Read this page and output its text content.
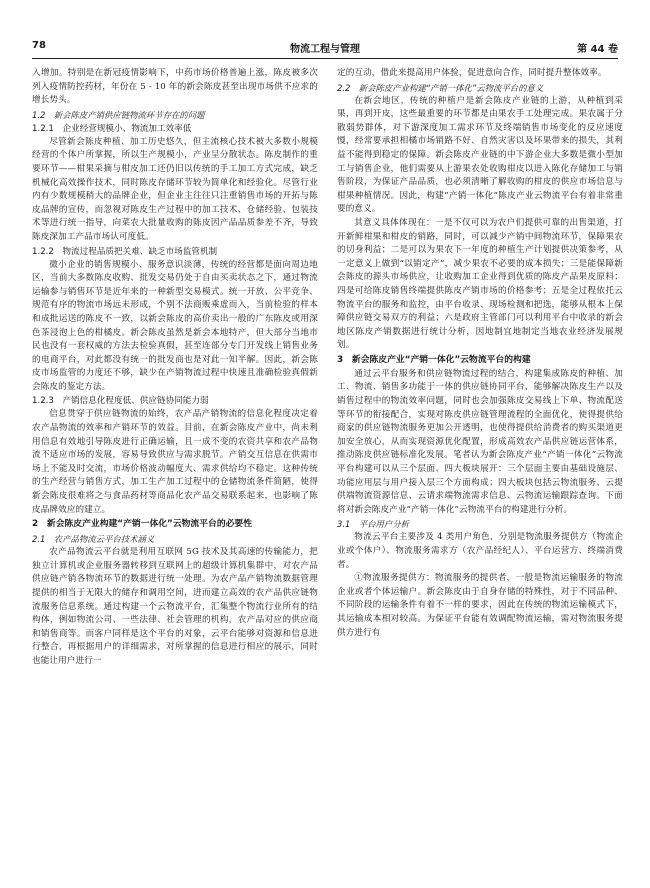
78	物流工程与管理	第 44 卷

入增加。特别是在新冠疫情影响下，中药市场价格普遍上涨，陈皮被多次列入疫情防控药材，年份在 5 - 10 年的新会陈皮甚至出现市场供不应求的增长势头。

1.2　新会陈皮产销供应链物流环节存在的问题
1.2.1　企业经营规模小、物流加工效率低

尽管新会陈皮种植、加工历史悠久，但主流核心技术被大多数小规模经营的个体户所掌握，所以生产规模小，产业呈分散状态。陈皮制作的重要环节——柑果采摘与柑皮加工还仍旧以传统的手工加工方式完成，缺乏机械化高效操作技术，同时陈皮存储环节较为简单化和经验化。尽管行业内有少数规模稍大的品牌企业，但企业主往往只注重销售市场的开拓与陈皮品牌的宣传，而忽视对陈皮生产过程中的加工技术、仓储经验、包装技术等进行统一指导，向菜农大批量收购的陈皮因产品品质参差不齐，导致陈皮深加工产品市场认可度低。

1.2.2　物流过程品质把关难、缺乏市场监管机制

微小企业的销售规模小、服务意识淡薄，传统的经营都是面向周边地区，当前大多数陈皮收购、批发交易仍处于自由买卖状态之下，通过物流运输参与销售环节是近年来的一种新型交易模式。统一开放、公平竞争、规范有序的物流市场远未形成，个别不法商贩乘虚而入，当前检验的样本和成批运送的陈皮不一致，以新会陈皮的高价卖出一般的广东陈皮或用深色茶浸泡上色的柑橘皮。新会陈皮虽然是新会本地特产，但大部分当地市民也没有一套权威的方法去检验真假，甚至连部分专门开发线上销售业务的电商平台，对此都没有统一的批发商也是对此一知半解。因此，新会陈皮市场监管的力度还不够，缺少在产销物流过程中快速且准确检验真假新会陈皮的鉴定方法。

1.2.3　产销信息化程度低、供应链协同能力弱

信息贯穿于供应链物流的始终，农产品产销物流的信息化程度决定着农产品物流的效率和产销环节的效益。目前，在新会陈皮产业中，尚未利用信息有效地引导陈皮进行正确运输，且一成不变的农资共享和农产品物流不适应市场的发展，容易导致供应与需求脱节。产销交互信息在供需市场上不能及时交流，市场价格波动幅度大、需求供给均不稳定。这种传统的生产经营与销售方式，加工生产加工过程中的仓储物流条件简陋，使得新会陈皮很难将之与食品药材等商品化农产品交易联系起来，也影响了陈皮品牌效应的建立。

2　新会陈皮产业构建“产销一体化”云物流平台的必要性
2.1　农产品物流云平台技术涵义

农产品物流云平台就是利用互联网 5G 技术及其高速的传输能力，把独立计算机或企业服务器转移到互联网上的超级计算机集群中，对农产品供应链产销各物流环节的数据进行统一处理。为农产品产销物流数据管理提供的相当于无限大的储存和调用空间，进而建立高效的农产品供应链物流服务信息系统。通过构建一个云物流平台，汇集整个物流行业所有的结构体，例如物流公司、一些法律、社会管理的机构，农产品对应的供应商和销售商等。而客户同样是这个平台的对象，云平台能够对资源和信息进行整合，再根据用户的详细需求，对所掌握的信息进行相应的展示，同时也能让用户进行一

定的互动，借此来提高用户体验，促进意向合作，同时提升整体效率。

2.2　新会陈皮产业构建“产销一体化”云物流平台的意义

在新会地区，传统的种植户是新会陈皮产业链的上游，从种植到采果，再到开皮，这些最重要的环节都是由果农手工处理完成。果农属于分散弱势群体，对下游深度加工需求环节及终端销售市场变化的反应速度慢，经常要承担相橘市场销路不好、自然灾害以及坏果带来的损失，其利益不能得到稳定的保障。新会陈皮产业链的中下游企业大多数是微小型加工与销售企业，他们需要从上游果农处收购柑皮以进入陈化存储加工与销售阶段，为保证产品品质，也必须清晰了解收购的柑皮的供应市场信息与柑果种植情况。因此，构建“产销一体化”陈皮产业云物流平台有着非常重要的意义。

其意义具体体现在：一是不仅可以为农户们提供可靠的出售渠道，打开新鲜柑果和柑皮的销路，同时，可以减少产销中间物流环节，保障果农的切身利益；二是可以为果农下一年度的种植生产计划提供决策参考，从一定意义上做到“以销定产”，减少果农不必要的成本损失；三是能保障新会陈皮的源头市场供应，让收购加工企业得到优质的陈皮产品果皮原料；四是可给陈皮销售终端提供陈皮产销市场的价格参考；五是全过程依托云物流平台的服务和监控，由平台收录、现场检测和把选，能够从根本上保障供应链交易双方的利益；六是政府主管部门可以利用平台中收录的新会地区陈皮产销数据进行统计分析，因地制宜地制定当地农业经济发展规划。

3　新会陈皮产业“产销一体化”云物流平台的构建

通过云平台服务和供应链物流过程的结合，构建集成陈皮的种植、加工、物流、销售多功能于一体的供应链协同平台，能够解决陈皮生产以及销售过程中的物流效率问题，同时也会加强陈皮交易线上下单、物流配送等环节的衔接配合，实现对陈皮供应链管理流程的全面优化，使得提供给商家的供应链物流服务更加公开透明，也使得提供给消费者的购买渠道更加安全放心，从而实现资源优化配置，形成高效农产品供应链运营体系，推动陈皮供应链标准化发展。笔者认为新会陈皮产业“产销一体化”云物流平台构建可以从三个层面、四大板块展开：三个层面主要由基础设施层、功能应用层与用户接入层三个方面构成；四大板块包括云物流服务、云提供端物流资源信息、云请求端物流需求信息、云物流运输跟踪查询。下面将对新会陈皮产业“产销一体化”云物流平台的构建进行分析。

3.1　平台用户分析

物流云平台主要涉及 4 类用户角色，分别是物流服务提供方（物流企业或个体户）、物流服务需求方（农产品经纪人）、平台运营方、终端消费者。

①物流服务提供方：物流服务的提供者，一般是物流运输服务的物流企业或者个体运输户。新会陈皮由于自身存储的特殊性，对于不同品种、不同阶段的运输条件有着不一样的要求，因此在传统的物流运输模式下，其运输成本相对较高。为保证平台能有效调配物流运输，需对物流服务提供方进行有
